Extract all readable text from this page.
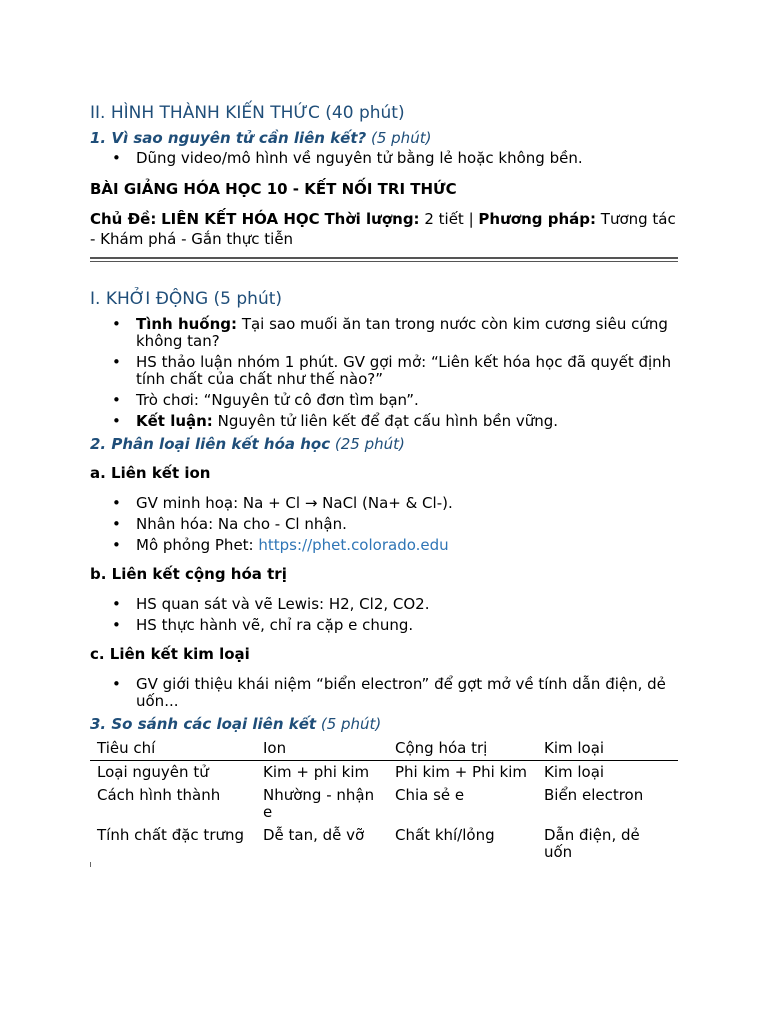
II. HÌNH THÀNH KIẾN THỨC (40 phút)
1. Vì sao nguyên tử cần liên kết? (5 phút)
• Dũng video/mô hình về nguyên tử bằng lẻ hoặc không bền.
BÀI GIẢNG HÓA HỌC 10 - KẾT NỐI TRI THỨC
Chủ Đề: LIÊN KẾT HÓA HỌC Thời lượng: 2 tiết | Phương pháp: Tương tác - Khám phá - Gắn thực tiễn
I. KHỞI ĐỘNG (5 phút)
• Tình huống: Tại sao muối ăn tan trong nước còn kim cương siêu cứng không tan?
• HS thảo luận nhóm 1 phút. GV gợi mở: “Liên kết hóa học đã quyết định tính chất của chất như thế nào?”
• Trò chơi: “Nguyên tử cô đơn tìm bạn”.
• Kết luận: Nguyên tử liên kết để đạt cấu hình bền vững.
2. Phân loại liên kết hóa học (25 phút)
a. Liên kết ion
• GV minh hoạ: Na + Cl → NaCl (Na+ & Cl-).
• Nhân hóa: Na cho - Cl nhận.
• Mô phỏng Phet: https://phet.colorado.edu
b. Liên kết cộng hóa trị
• HS quan sát và vẽ Lewis: H2, Cl2, CO2.
• HS thực hành vẽ, chỉ ra cặp e chung.
c. Liên kết kim loại
• GV giới thiệu khái niệm “biển electron” để gợt mở về tính dẫn điện, dẻ uốn...
3. So sánh các loại liên kết (5 phút)
Tiêu chí	Ion	Cộng hóa trị	Kim loại
Loại nguyên tử	Kim + phi kim	Phi kim + Phi kim	Kim loại
Cách hình thành	Nhường - nhận e	Chia sẻ e	Biển electron
Tính chất đặc trưng	Dễ tan, dễ vỡ	Chất khí/lỏng	Dẫn điện, dẻ uốn
